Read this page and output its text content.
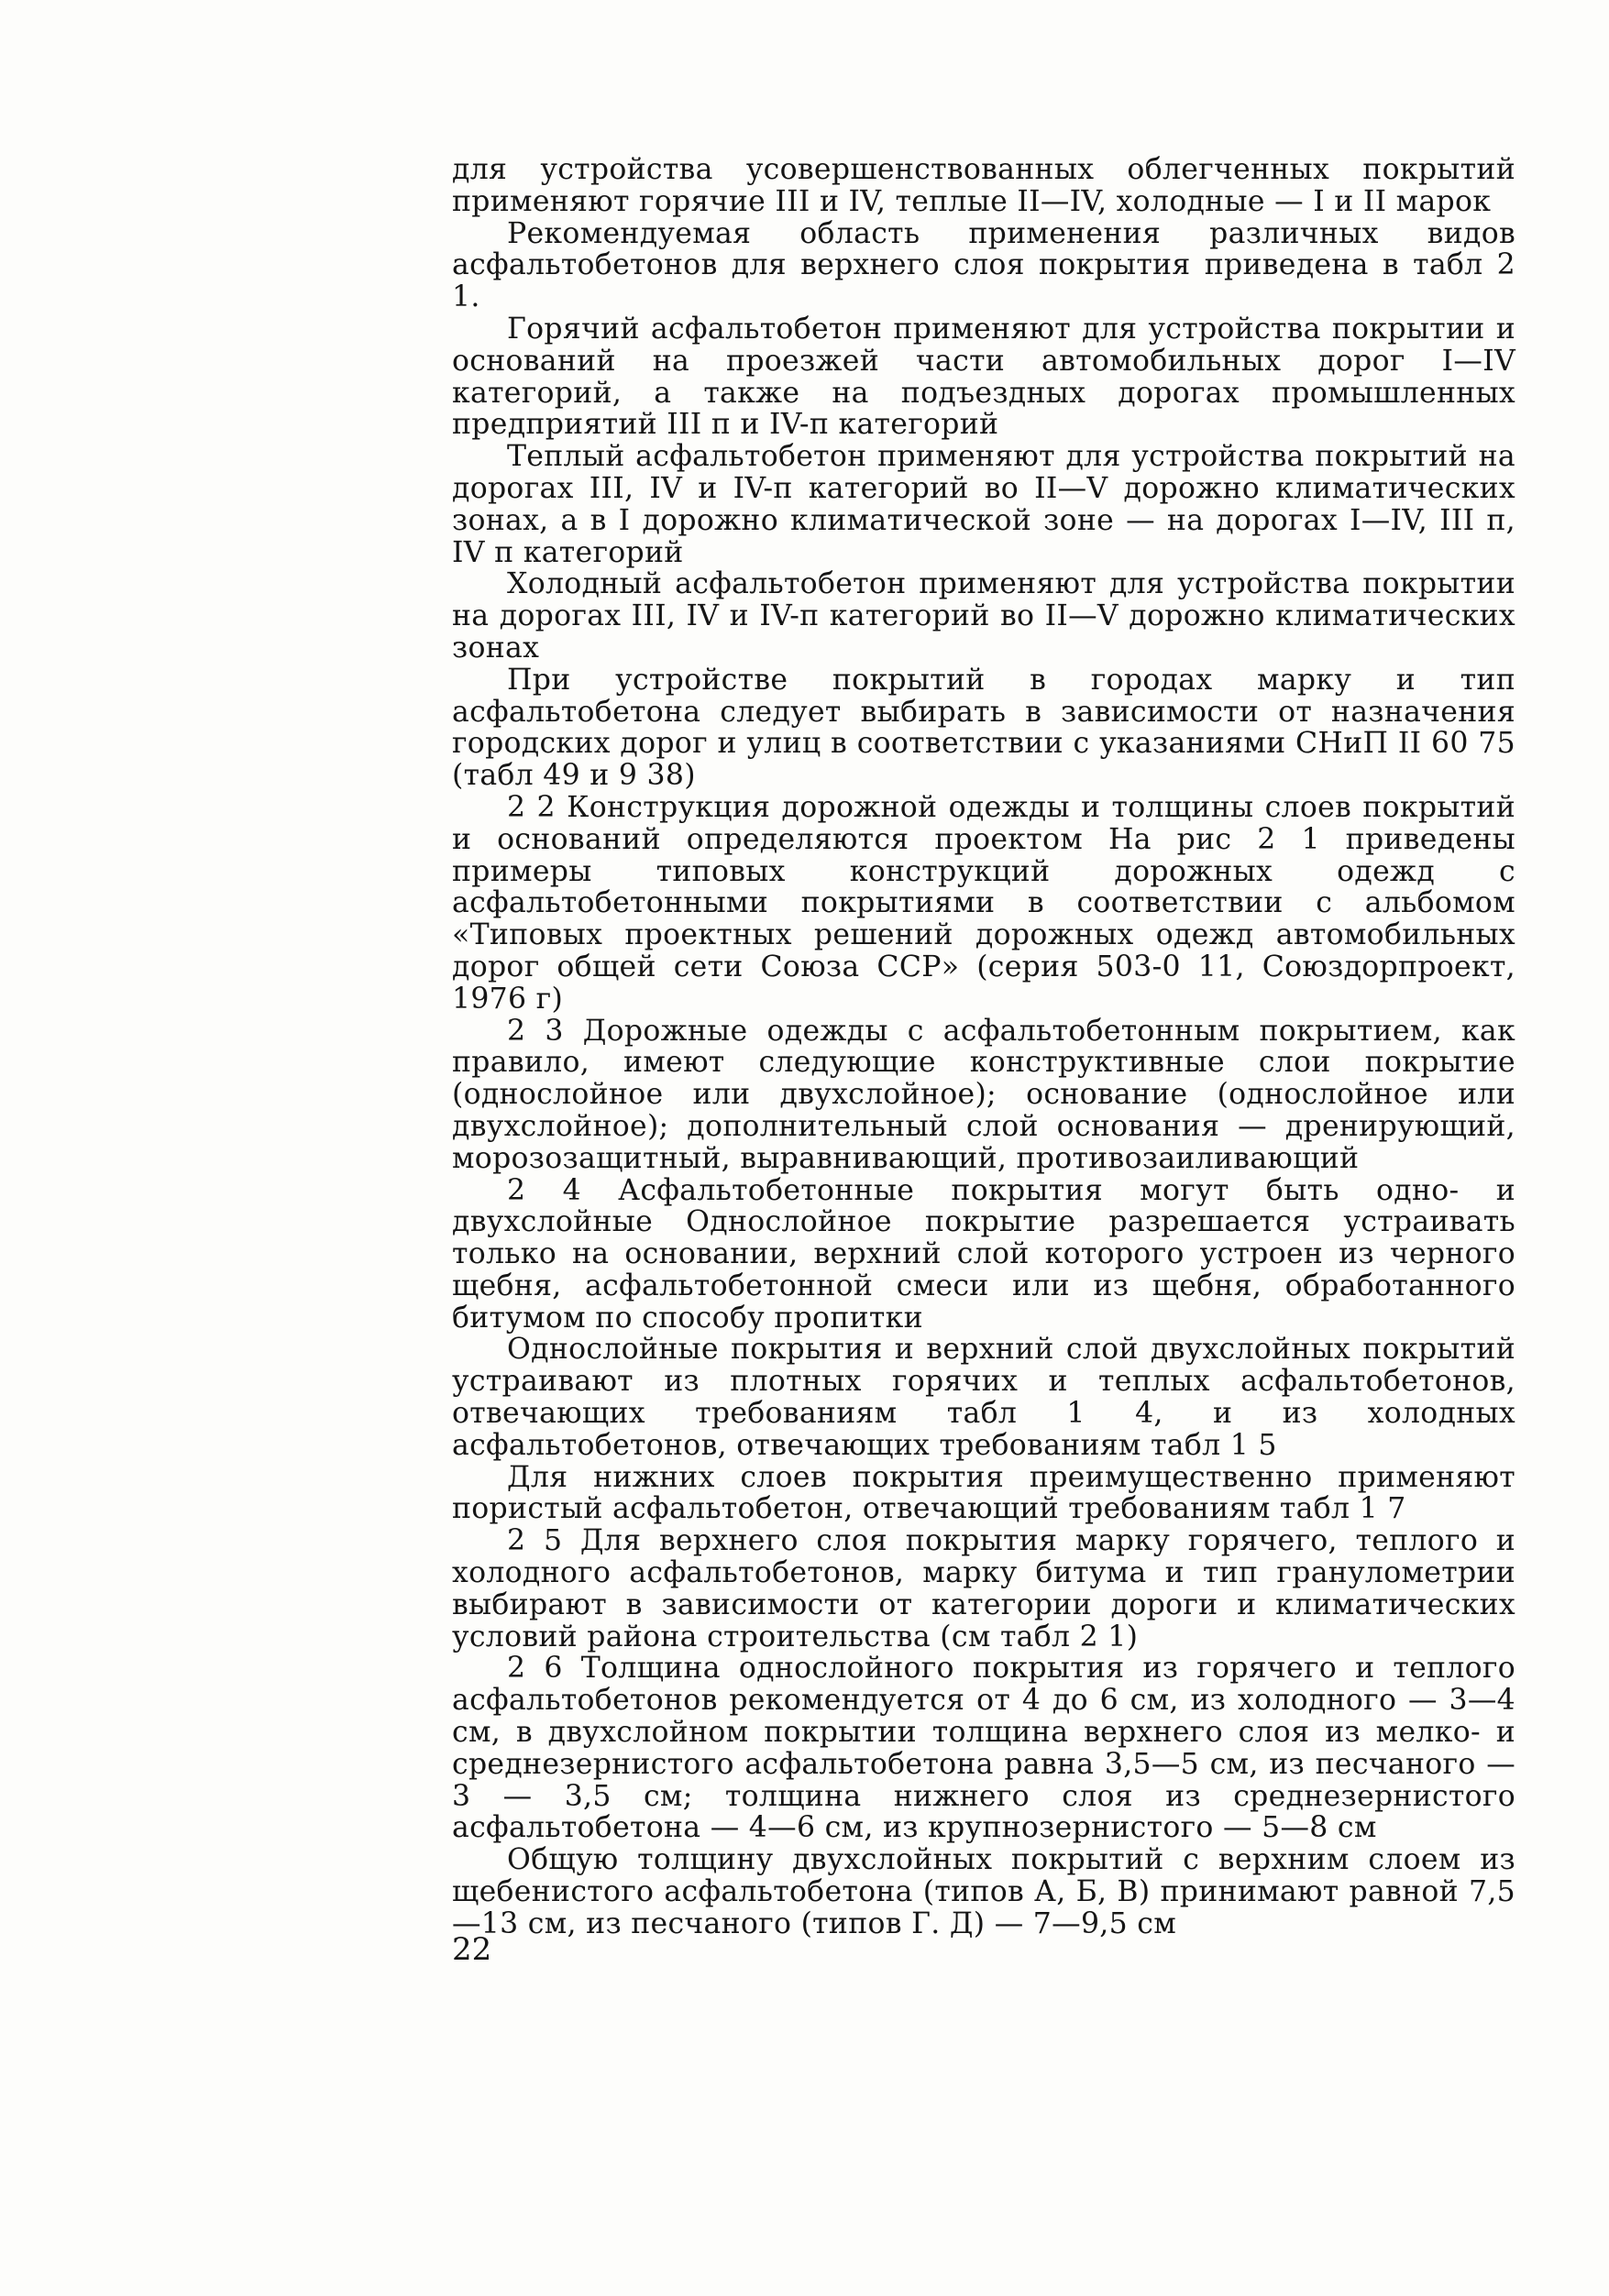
для устройства усовершенствованных облегченных покрытий применяют горячие III и IV, теплые II—IV, холодные — I и II марок

Рекомендуемая область применения различных видов асфальтобетонов для верхнего слоя покрытия приведена в табл 2 1.

Горячий асфальтобетон применяют для устройства покрытии и оснований на проезжей части автомобильных дорог I—IV категорий, а также на подъездных дорогах промышленных предприятий III п и IV-п категорий

Теплый асфальтобетон применяют для устройства покрытий на дорогах III, IV и IV-п категорий во II—V дорожно климатических зонах, а в I дорожно климатической зоне — на дорогах I—IV, III п, IV п категорий

Холодный асфальтобетон применяют для устройства покрытии на дорогах III, IV и IV-п категорий во II—V дорожно климатических зонах

При устройстве покрытий в городах марку и тип асфальтобетона следует выбирать в зависимости от назначения городских дорог и улиц в соответствии с указаниями СНиП II 60 75 (табл 49 и 9 38)

2 2 Конструкция дорожной одежды и толщины слоев покрытий и оснований определяются проектом На рис 2 1 приведены примеры типовых конструкций дорожных одежд с асфальтобетонными покрытиями в соответствии с альбомом «Типовых проектных решений дорожных одежд автомобильных дорог общей сети Союза ССР» (серия 503-0 11, Союздорпроект, 1976 г)

2 3 Дорожные одежды с асфальтобетонным покрытием, как правило, имеют следующие конструктивные слои покрытие (однослойное или двухслойное); основание (однослойное или двухслойное); дополнительный слой основания — дренирующий, морозозащитный, выравнивающий, противозаиливающий

2 4 Асфальтобетонные покрытия могут быть одно- и двухслойные Однослойное покрытие разрешается устраивать только на основании, верхний слой которого устроен из черного щебня, асфальтобетонной смеси или из щебня, обработанного битумом по способу пропитки

Однослойные покрытия и верхний слой двухслойных покрытий устраивают из плотных горячих и теплых асфальтобетонов, отвечающих требованиям табл 1 4, и из холодных асфальтобетонов, отвечающих требованиям табл 1 5

Для нижних слоев покрытия преимущественно применяют пористый асфальтобетон, отвечающий требованиям табл 1 7

2 5 Для верхнего слоя покрытия марку горячего, теплого и холодного асфальтобетонов, марку битума и тип гранулометрии выбирают в зависимости от категории дороги и климатических условий района строительства (см табл 2 1)

2 6 Толщина однослойного покрытия из горячего и теплого асфальтобетонов рекомендуется от 4 до 6 см, из холодного — 3—4 см, в двухслойном покрытии толщина верхнего слоя из мелко- и среднезернистого асфальтобетона равна 3,5—5 см, из песчаного — 3 — 3,5 см; толщина нижнего слоя из среднезернистого асфальтобетона — 4—6 см, из крупнозернистого — 5—8 см

Общую толщину двухслойных покрытий с верхним слоем из щебенистого асфальтобетона (типов А, Б, В) принимают равной 7,5—13 см, из песчаного (типов Г. Д) — 7—9,5 см

22
